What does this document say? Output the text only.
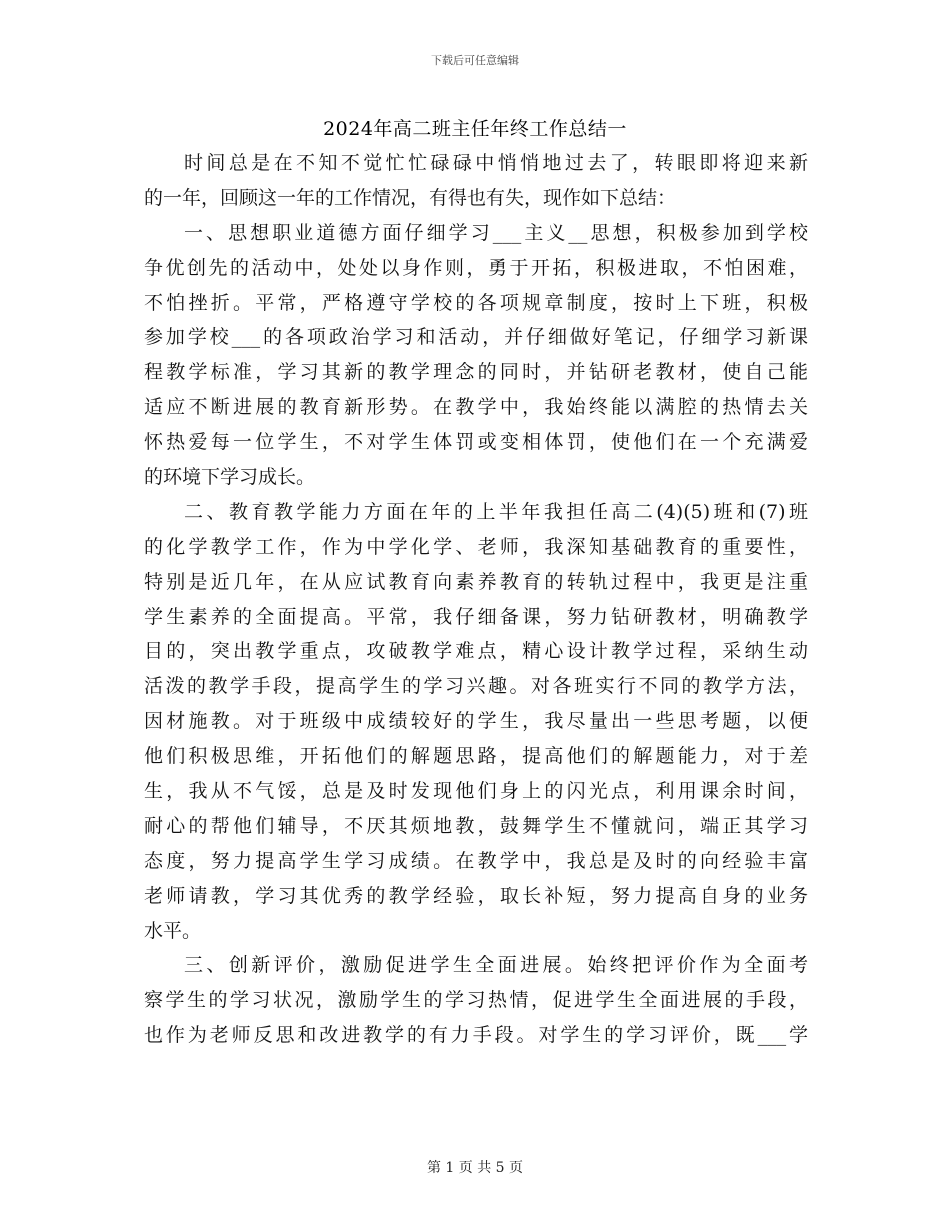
下载后可任意编辑
2024年高二班主任年终工作总结一
时间总是在不知不觉忙忙碌碌中悄悄地过去了，转眼即将迎来新
的一年，回顾这一年的工作情况，有得也有失，现作如下总结：
一、思想职业道德方面仔细学习___主义__思想，积极参加到学校
争优创先的活动中，处处以身作则，勇于开拓，积极进取，不怕困难，
不怕挫折。平常，严格遵守学校的各项规章制度，按时上下班，积极
参加学校___的各项政治学习和活动，并仔细做好笔记，仔细学习新课
程教学标准，学习其新的教学理念的同时，并钻研老教材，使自己能
适应不断进展的教育新形势。在教学中，我始终能以满腔的热情去关
怀热爱每一位学生，不对学生体罚或变相体罚，使他们在一个充满爱
的环境下学习成长。
二、教育教学能力方面在年的上半年我担任高二(4)(5)班和(7)班
的化学教学工作，作为中学化学、老师，我深知基础教育的重要性，
特别是近几年，在从应试教育向素养教育的转轨过程中，我更是注重
学生素养的全面提高。平常，我仔细备课，努力钻研教材，明确教学
目的，突出教学重点，攻破教学难点，精心设计教学过程，采纳生动
活泼的教学手段，提高学生的学习兴趣。对各班实行不同的教学方法，
因材施教。对于班级中成绩较好的学生，我尽量出一些思考题，以便
他们积极思维，开拓他们的解题思路，提高他们的解题能力，对于差
生，我从不气馁，总是及时发现他们身上的闪光点，利用课余时间，
耐心的帮他们辅导，不厌其烦地教，鼓舞学生不懂就问，端正其学习
态度，努力提高学生学习成绩。在教学中，我总是及时的向经验丰富
老师请教，学习其优秀的教学经验，取长补短，努力提高自身的业务
水平。
三、创新评价，激励促进学生全面进展。始终把评价作为全面考
察学生的学习状况，激励学生的学习热情，促进学生全面进展的手段，
也作为老师反思和改进教学的有力手段。对学生的学习评价，既___学
第 1 页 共 5 页
